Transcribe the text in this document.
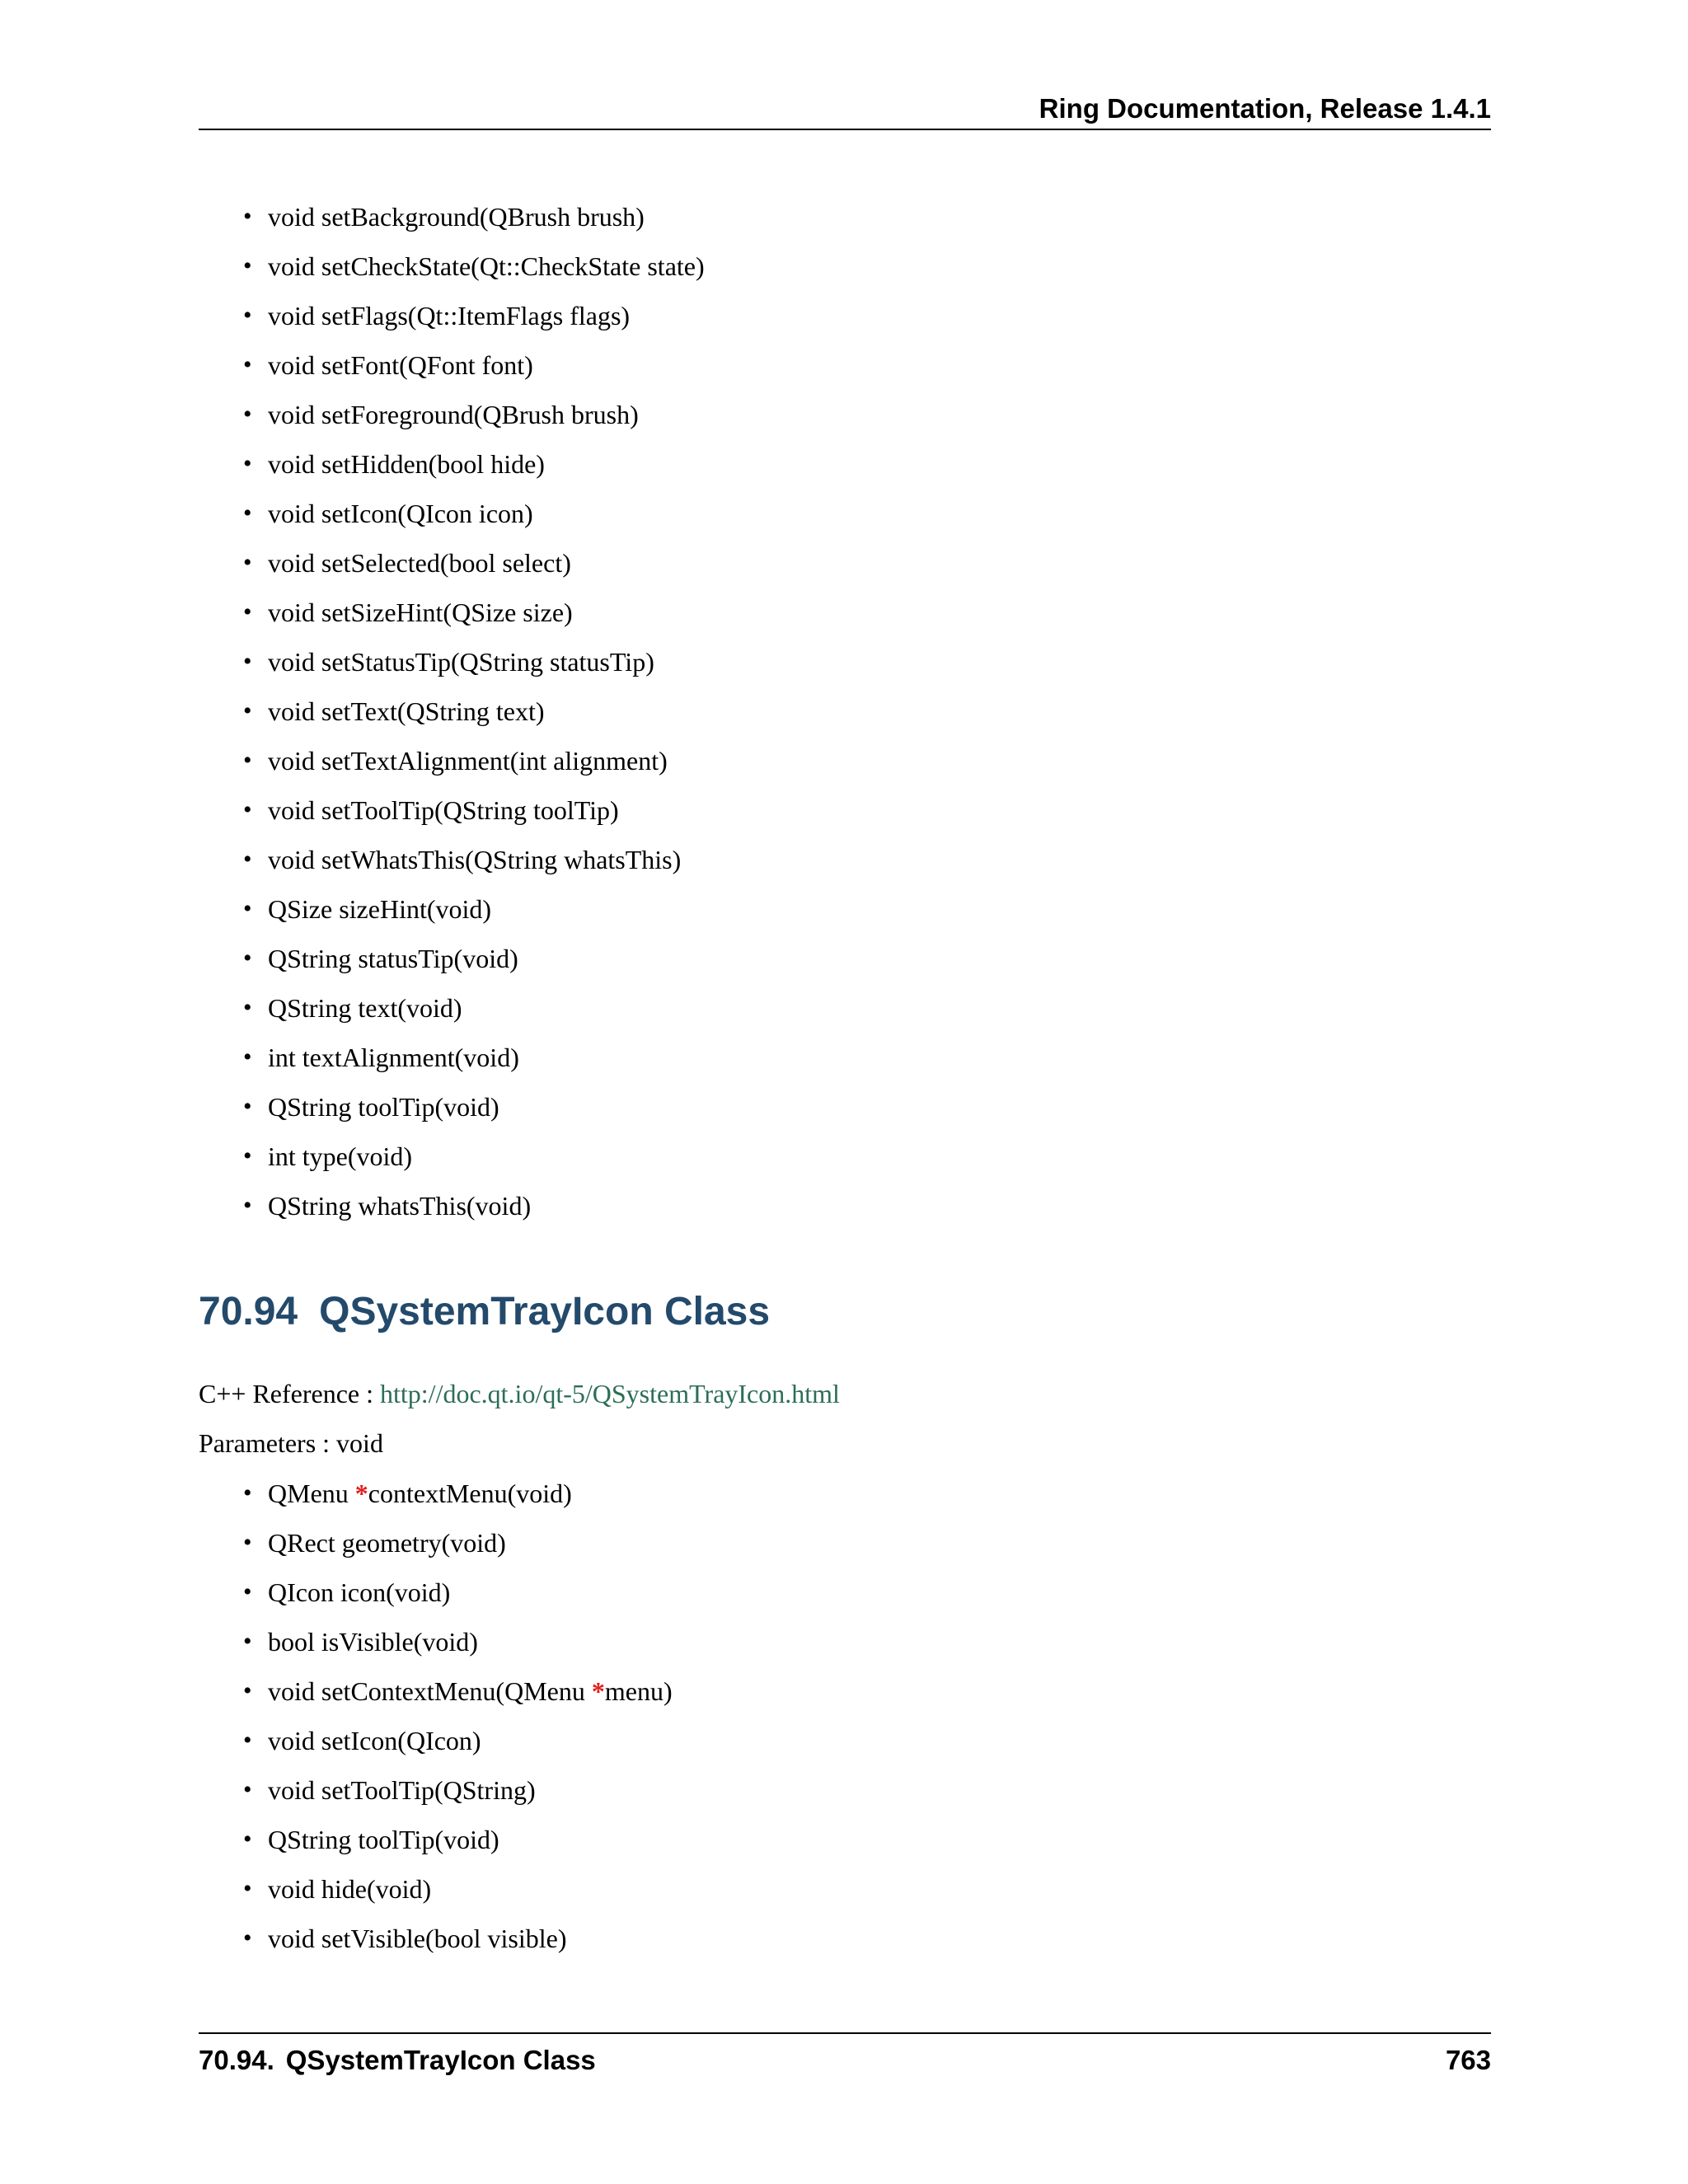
Ring Documentation, Release 1.4.1
• void setBackground(QBrush brush)
• void setCheckState(Qt::CheckState state)
• void setFlags(Qt::ItemFlags flags)
• void setFont(QFont font)
• void setForeground(QBrush brush)
• void setHidden(bool hide)
• void setIcon(QIcon icon)
• void setSelected(bool select)
• void setSizeHint(QSize size)
• void setStatusTip(QString statusTip)
• void setText(QString text)
• void setTextAlignment(int alignment)
• void setToolTip(QString toolTip)
• void setWhatsThis(QString whatsThis)
• QSize sizeHint(void)
• QString statusTip(void)
• QString text(void)
• int textAlignment(void)
• QString toolTip(void)
• int type(void)
• QString whatsThis(void)
70.94 QSystemTrayIcon Class
C++ Reference : http://doc.qt.io/qt-5/QSystemTrayIcon.html
Parameters : void
• QMenu *contextMenu(void)
• QRect geometry(void)
• QIcon icon(void)
• bool isVisible(void)
• void setContextMenu(QMenu *menu)
• void setIcon(QIcon)
• void setToolTip(QString)
• QString toolTip(void)
• void hide(void)
• void setVisible(bool visible)
70.94. QSystemTrayIcon Class	763
